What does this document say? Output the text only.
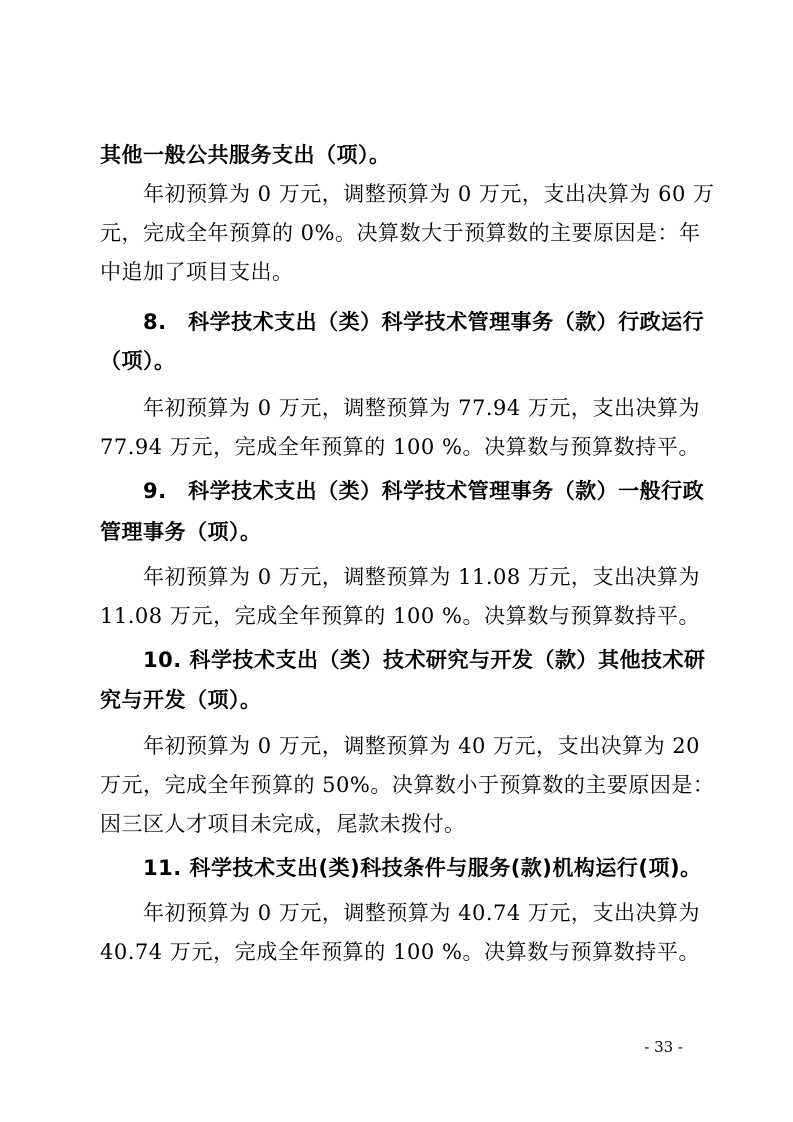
其他一般公共服务支出（项）。
年初预算为 0 万元，调整预算为 0 万元，支出决算为 60 万
元，完成全年预算的 0%。决算数大于预算数的主要原因是：年
中追加了项目支出。
8.　科学技术支出（类）科学技术管理事务（款）行政运行
（项）。
年初预算为 0 万元，调整预算为 77.94 万元，支出决算为
77.94 万元，完成全年预算的 100 %。决算数与预算数持平。
9.　科学技术支出（类）科学技术管理事务（款）一般行政
管理事务（项）。
年初预算为 0 万元，调整预算为 11.08 万元，支出决算为
11.08 万元，完成全年预算的 100 %。决算数与预算数持平。
10. 科学技术支出（类）技术研究与开发（款）其他技术研
究与开发（项）。
年初预算为 0 万元，调整预算为 40 万元，支出决算为 20
万元，完成全年预算的 50%。决算数小于预算数的主要原因是：
因三区人才项目未完成，尾款未拨付。
11. 科学技术支出(类)科技条件与服务(款)机构运行(项)。
年初预算为 0 万元，调整预算为 40.74 万元，支出决算为
40.74 万元，完成全年预算的 100 %。决算数与预算数持平。
- 33 -
